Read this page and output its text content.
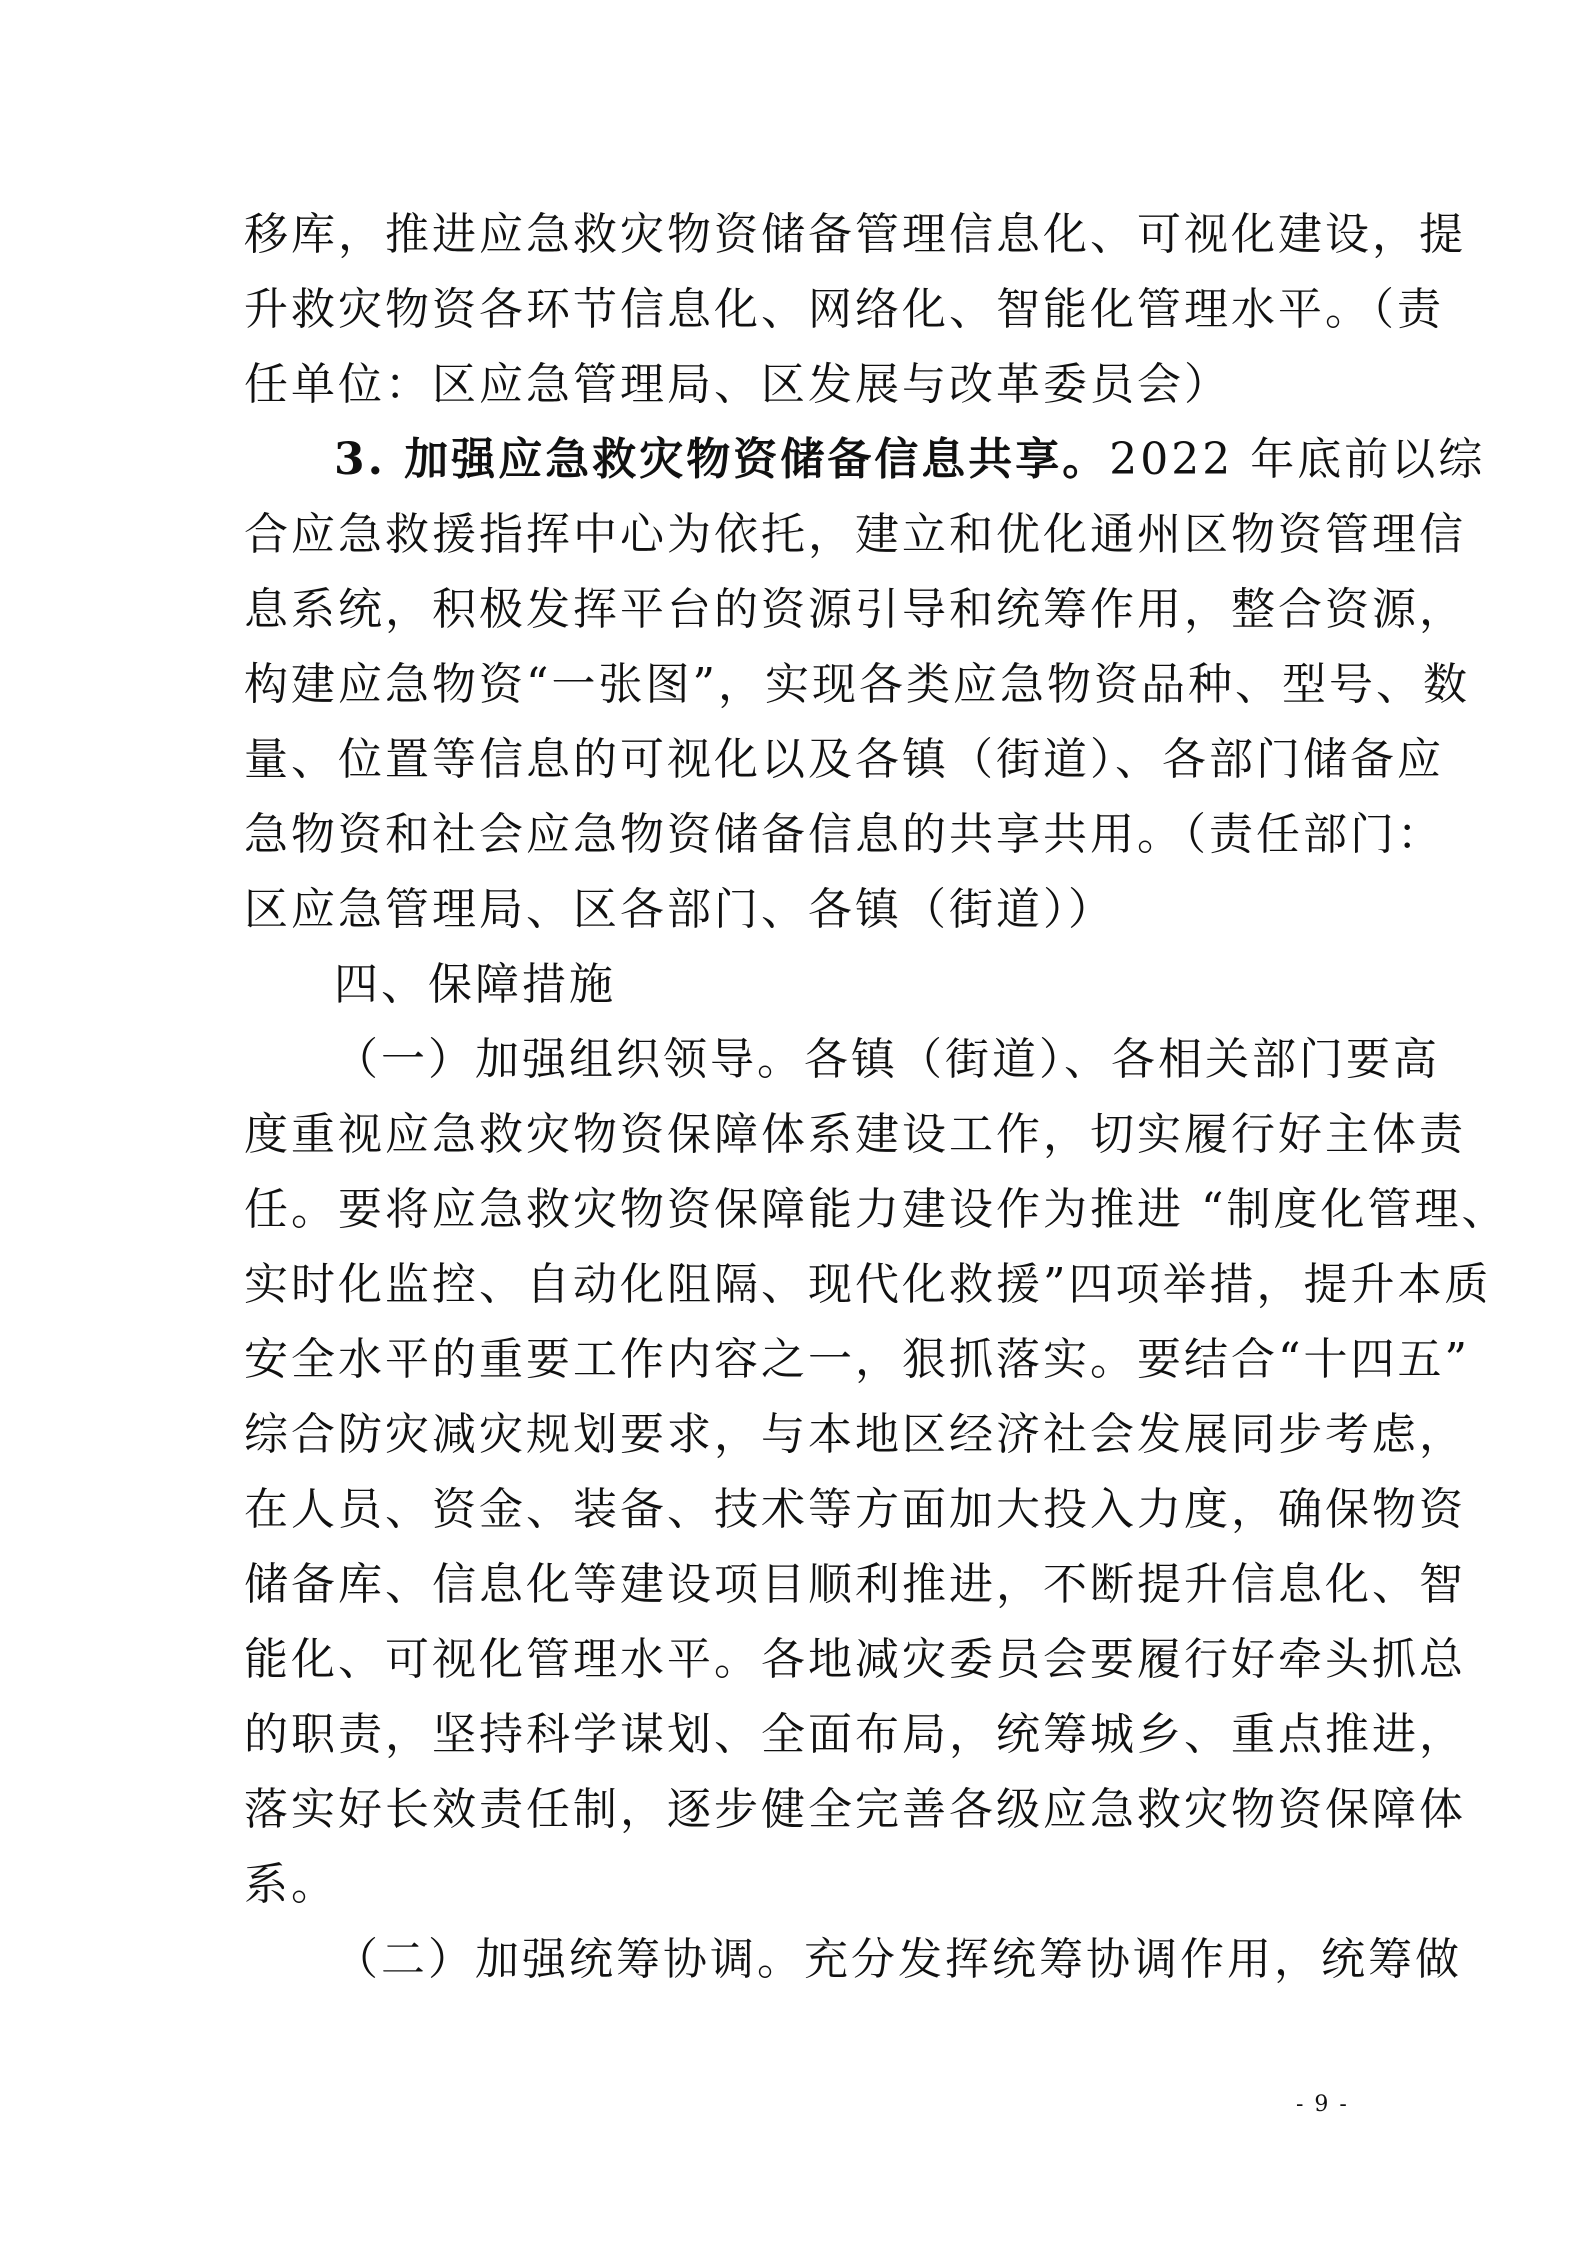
移库，推进应急救灾物资储备管理信息化、可视化建设，提
升救灾物资各环节信息化、网络化、智能化管理水平。（责
任单位：区应急管理局、区发展与改革委员会）
3. 加强应急救灾物资储备信息共享。2022 年底前以综
合应急救援指挥中心为依托，建立和优化通州区物资管理信
息系统，积极发挥平台的资源引导和统筹作用，整合资源，
构建应急物资“一张图”，实现各类应急物资品种、型号、数
量、位置等信息的可视化以及各镇（街道）、各部门储备应
急物资和社会应急物资储备信息的共享共用。（责任部门：
区应急管理局、区各部门、各镇（街道））
四、保障措施
（一）加强组织领导。各镇（街道）、各相关部门要高
度重视应急救灾物资保障体系建设工作，切实履行好主体责
任。要将应急救灾物资保障能力建设作为推进 “制度化管理、
实时化监控、自动化阻隔、现代化救援”四项举措，提升本质
安全水平的重要工作内容之一，狠抓落实。要结合“十四五”
综合防灾减灾规划要求，与本地区经济社会发展同步考虑，
在人员、资金、装备、技术等方面加大投入力度，确保物资
储备库、信息化等建设项目顺利推进，不断提升信息化、智
能化、可视化管理水平。各地减灾委员会要履行好牵头抓总
的职责，坚持科学谋划、全面布局，统筹城乡、重点推进，
落实好长效责任制，逐步健全完善各级应急救灾物资保障体
系。
（二）加强统筹协调。充分发挥统筹协调作用，统筹做
- 9 -
